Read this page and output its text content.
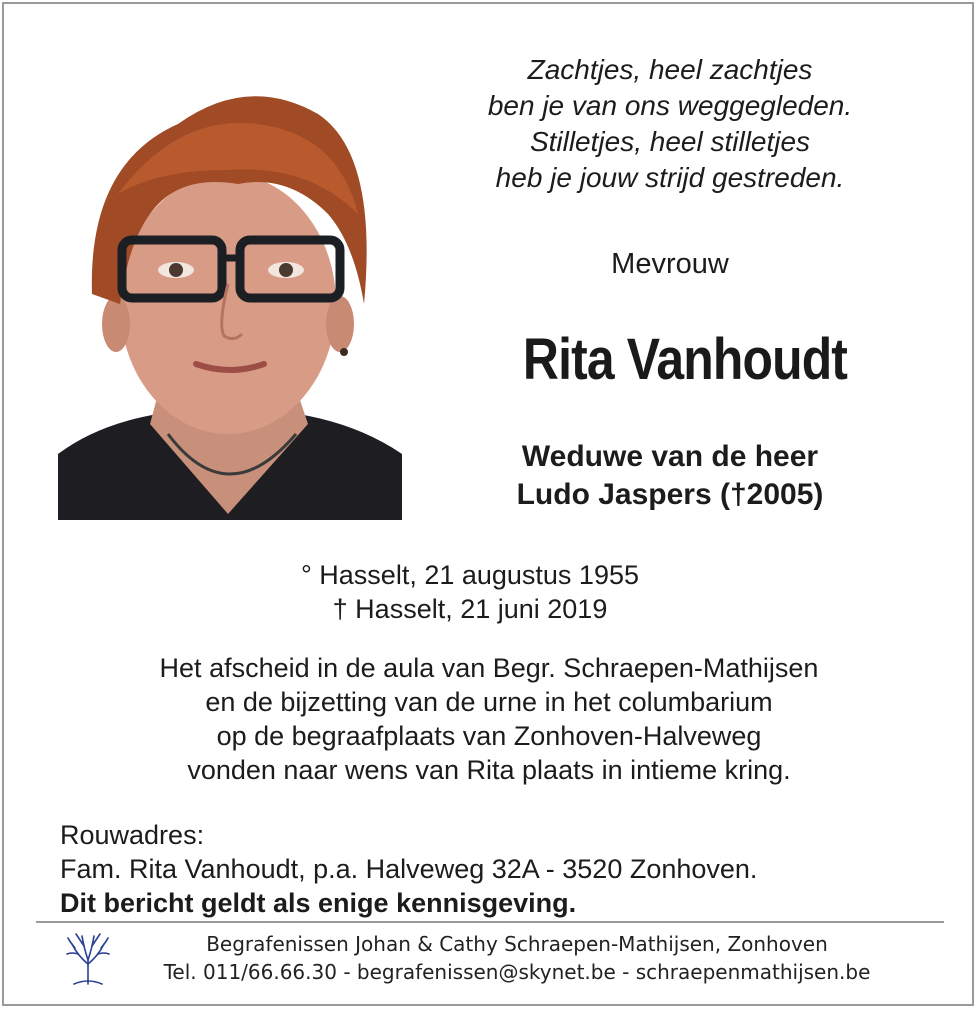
Zachtjes, heel zachtjes
ben je van ons weggegleden.
Stilletjes, heel stilletjes
heb je jouw strijd gestreden.
Mevrouw
Rita Vanhoudt
Weduwe van de heer
Ludo Jaspers (†2005)
° Hasselt, 21 augustus 1955
† Hasselt, 21 juni 2019
Het afscheid in de aula van Begr. Schraepen-Mathijsen
en de bijzetting van de urne in het columbarium
op de begraafplaats van Zonhoven-Halveweg
vonden naar wens van Rita plaats in intieme kring.
Rouwadres:
Fam. Rita Vanhoudt, p.a. Halveweg 32A - 3520 Zonhoven.
Dit bericht geldt als enige kennisgeving.
Begrafenissen Johan & Cathy Schraepen-Mathijsen, Zonhoven
Tel. 011/66.66.30 - begrafenissen@skynet.be - schraepenmathijsen.be
